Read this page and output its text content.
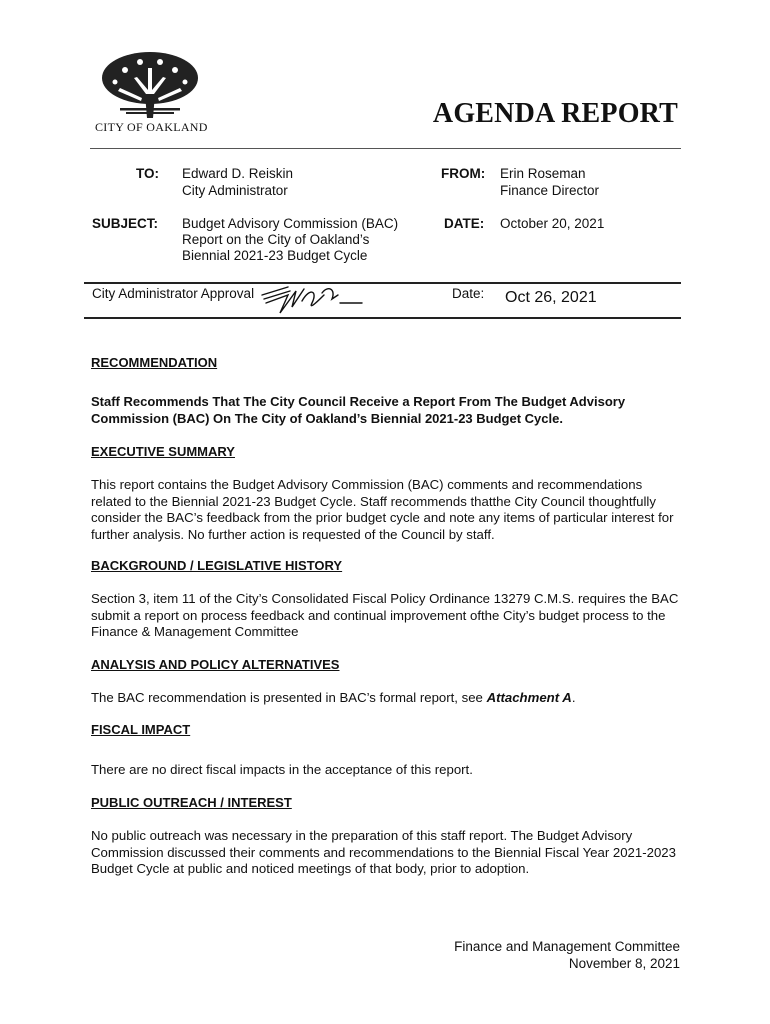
CITY OF OAKLAND	AGENDA REPORT
TO: Edward D. Reiskin
City Administrator
FROM: Erin Roseman
Finance Director
SUBJECT: Budget Advisory Commission (BAC)
Report on the City of Oakland’s
Biennial 2021-23 Budget Cycle
DATE: October 20, 2021
City Administrator Approval	Date: Oct 26, 2021
RECOMMENDATION
Staff Recommends That The City Council Receive a Report From The Budget Advisory Commission (BAC) On The City of Oakland’s Biennial 2021-23 Budget Cycle.
EXECUTIVE SUMMARY
This report contains the Budget Advisory Commission (BAC) comments and recommendations related to the Biennial 2021-23 Budget Cycle. Staff recommends thatthe City Council thoughtfully consider the BAC’s feedback from the prior budget cycle and note any items of particular interest for further analysis. No further action is requested of the Council by staff.
BACKGROUND / LEGISLATIVE HISTORY
Section 3, item 11 of the City’s Consolidated Fiscal Policy Ordinance 13279 C.M.S. requires the BAC submit a report on process feedback and continual improvement ofthe City’s budget process to the Finance & Management Committee
ANALYSIS AND POLICY ALTERNATIVES
The BAC recommendation is presented in BAC’s formal report, see Attachment A.
FISCAL IMPACT
There are no direct fiscal impacts in the acceptance of this report.
PUBLIC OUTREACH / INTEREST
No public outreach was necessary in the preparation of this staff report. The Budget Advisory Commission discussed their comments and recommendations to the Biennial Fiscal Year 2021-2023 Budget Cycle at public and noticed meetings of that body, prior to adoption.
Finance and Management Committee
November 8, 2021
